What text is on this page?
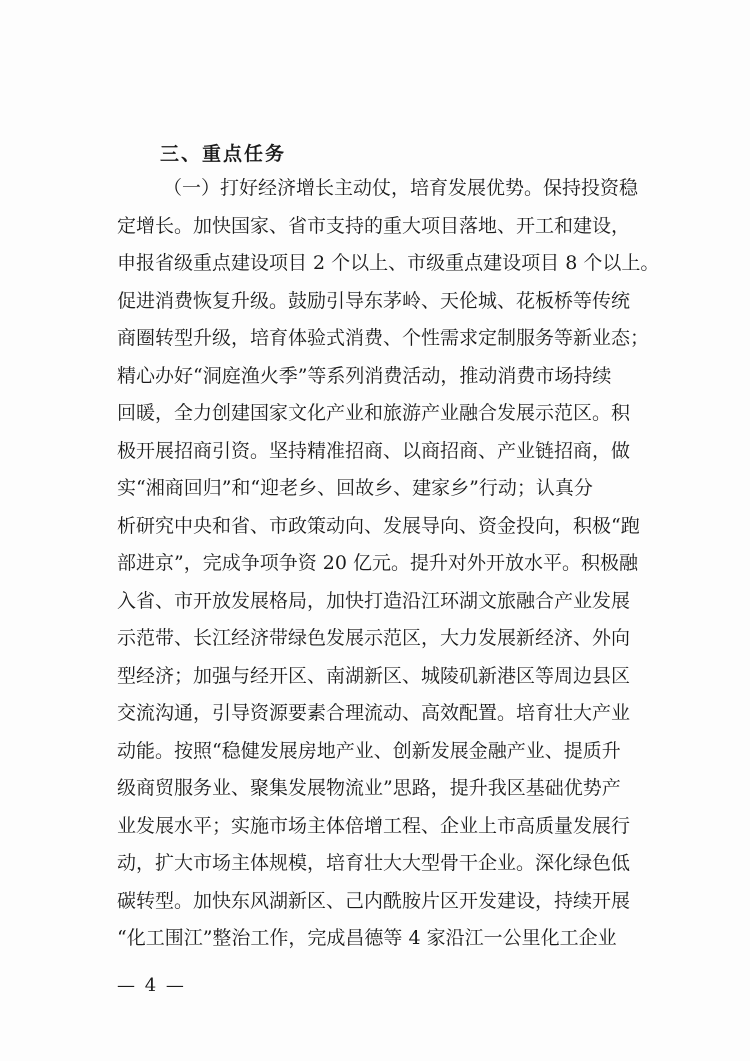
三、重点任务
（一）打好经济增长主动仗，培育发展优势。保持投资稳
定增长。加快国家、省市支持的重大项目落地、开工和建设，
申报省级重点建设项目 2 个以上、市级重点建设项目 8 个以上。
促进消费恢复升级。鼓励引导东茅岭、天伦城、花板桥等传统
商圈转型升级，培育体验式消费、个性需求定制服务等新业态；
精心办好“洞庭渔火季”等系列消费活动，推动消费市场持续
回暖，全力创建国家文化产业和旅游产业融合发展示范区。积
极开展招商引资。坚持精准招商、以商招商、产业链招商，做
实“湘商回归”和“迎老乡、回故乡、建家乡”行动；认真分
析研究中央和省、市政策动向、发展导向、资金投向，积极“跑
部进京”，完成争项争资 20 亿元。提升对外开放水平。积极融
入省、市开放发展格局，加快打造沿江环湖文旅融合产业发展
示范带、长江经济带绿色发展示范区，大力发展新经济、外向
型经济；加强与经开区、南湖新区、城陵矶新港区等周边县区
交流沟通，引导资源要素合理流动、高效配置。培育壮大产业
动能。按照“稳健发展房地产业、创新发展金融产业、提质升
级商贸服务业、聚集发展物流业”思路，提升我区基础优势产
业发展水平；实施市场主体倍增工程、企业上市高质量发展行
动，扩大市场主体规模，培育壮大大型骨干企业。深化绿色低
碳转型。加快东风湖新区、己内酰胺片区开发建设，持续开展
“化工围江”整治工作，完成昌德等 4 家沿江一公里化工企业
— 4 —
